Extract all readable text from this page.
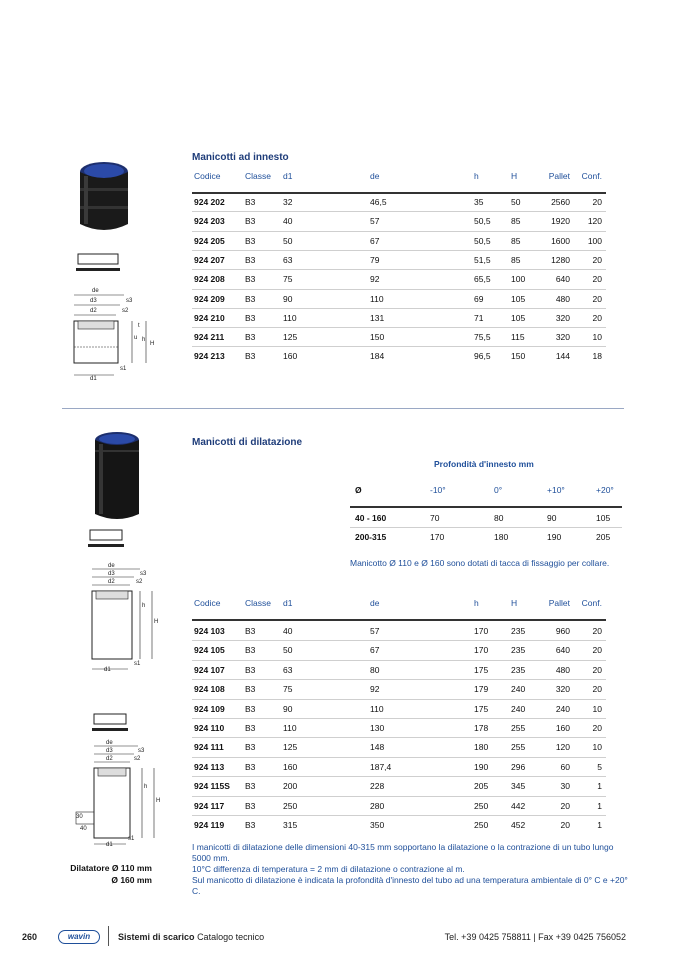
Manicotti ad innesto
Codice	Classe	d1	de	h	H	Pallet	Conf.
924 202	B3	32	46,5	35	50	2560	20
924 203	B3	40	57	50,5	85	1920	120
924 205	B3	50	67	50,5	85	1600	100
924 207	B3	63	79	51,5	85	1280	20
924 208	B3	75	92	65,5	100	640	20
924 209	B3	90	110	69	105	480	20
924 210	B3	110	131	71	105	320	20
924 211	B3	125	150	75,5	115	320	10
924 213	B3	160	184	96,5	150	144	18
de
d3	s3
d2	s2
t
u h
H
s1
d1
Manicotti di dilatazione
de
d3	s3
d2	s2
h
H
s1
d1
de
d3	s3
d2	s2
h
H
30
40
s1
d1
Profondità d'innesto mm
Ø	-10°	0°	+10°	+20°
40 - 160	70	80	90	105
200-315	170	180	190	205
Manicotto Ø 110 e Ø 160 sono dotati di tacca di fissaggio per collare.
Codice	Classe	d1	de	h	H	Pallet	Conf.
924 103	B3	40	57	170	235	960	20
924 105	B3	50	67	170	235	640	20
924 107	B3	63	80	175	235	480	20
924 108	B3	75	92	179	240	320	20
924 109	B3	90	110	175	240	240	10
924 110	B3	110	130	178	255	160	20
924 111	B3	125	148	180	255	120	10
924 113	B3	160	187,4	190	296	60	5
924 115S	B3	200	228	205	345	30	1
924 117	B3	250	280	250	442	20	1
924 119	B3	315	350	250	452	20	1
I manicotti di dilatazione delle dimensioni 40-315 mm sopportano la dilatazione o la contrazione di un tubo lungo 5000 mm.
10°C differenza di temperatura = 2 mm di dilatazione o contrazione al m.
Sul manicotto di dilatazione è indicata la profondità d'innesto del tubo ad una temperatura ambientale di 0° C e +20° C.
Dilatatore Ø 110 mm
Ø 160 mm
260	wavin	Sistemi di scarico Catalogo tecnico	Tel. +39 0425 758811 | Fax +39 0425 756052
